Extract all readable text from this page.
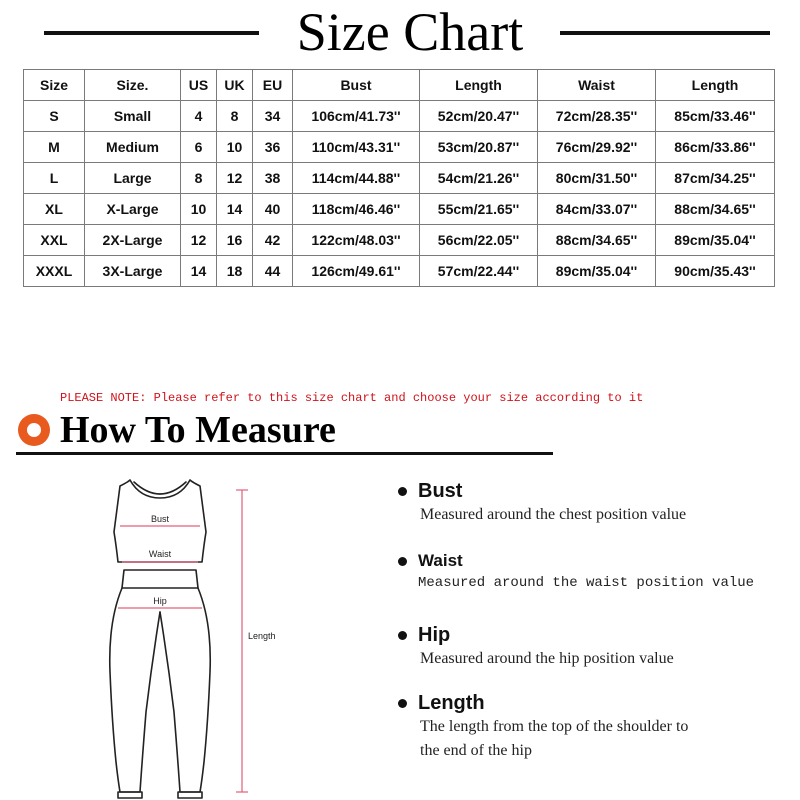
Size Chart
Size	Size.	US	UK	EU	Bust	Length	Waist	Length
S	Small	4	8	34	106cm/41.73''	52cm/20.47''	72cm/28.35''	85cm/33.46''
M	Medium	6	10	36	110cm/43.31''	53cm/20.87''	76cm/29.92''	86cm/33.86''
L	Large	8	12	38	114cm/44.88''	54cm/21.26''	80cm/31.50''	87cm/34.25''
XL	X-Large	10	14	40	118cm/46.46''	55cm/21.65''	84cm/33.07''	88cm/34.65''
XXL	2X-Large	12	16	42	122cm/48.03''	56cm/22.05''	88cm/34.65''	89cm/35.04''
XXXL	3X-Large	14	18	44	126cm/49.61''	57cm/22.44''	89cm/35.04''	90cm/35.43''
PLEASE NOTE: Please refer to this size chart and choose your size according to it
How To Measure
Bust
Waist
Hip
Length
Bust
Measured around the chest position value
Waist
Measured around the waist position value
Hip
Measured around the hip position value
Length
The length from the top of the shoulder to
the end of the hip
